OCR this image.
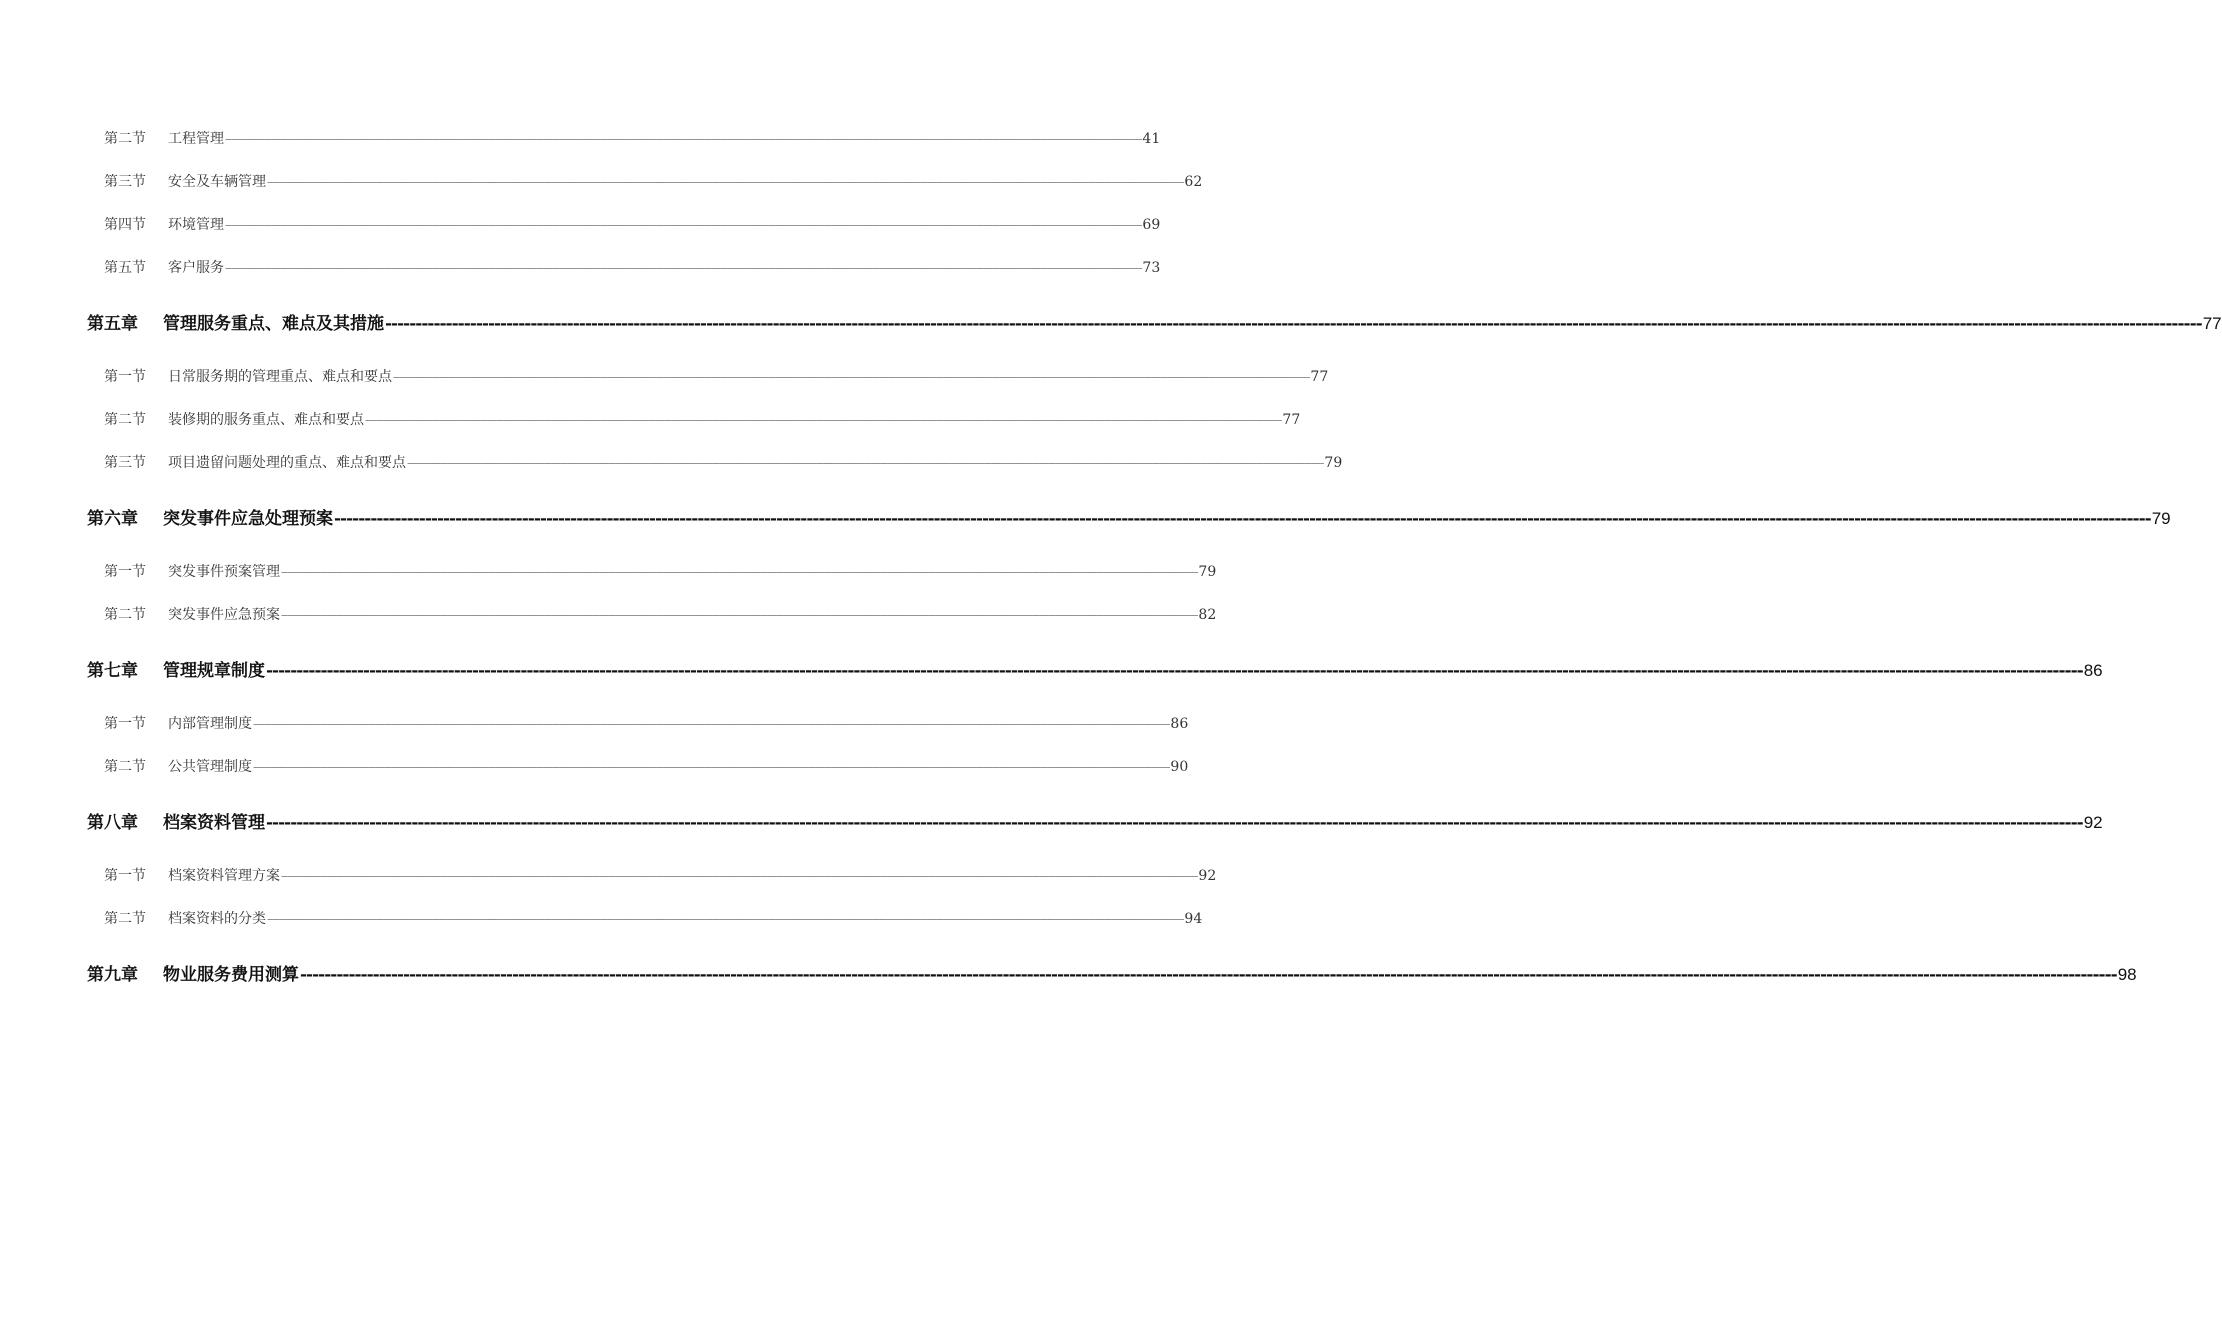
第二节	工程管理 ------------------------------------------------------------------------------------------------------------------------------------------------------------------------------------------------------------------------------------------------------------------------------------------------------------ 41
第三节	安全及车辆管理 ------------------------------------------------------------------------------------------------------------------------------------------------------------------------------------------------------------------------------------------------------------------------------------------------------------ 62
第四节	环境管理 ------------------------------------------------------------------------------------------------------------------------------------------------------------------------------------------------------------------------------------------------------------------------------------------------------------ 69
第五节	客户服务 ------------------------------------------------------------------------------------------------------------------------------------------------------------------------------------------------------------------------------------------------------------------------------------------------------------ 73
第五章	管理服务重点、难点及其措施 ------------------------------------------------------------------------------------------------------------------------------------------------------------------------------------------------------------------------------------------------------------------------------------------------------------ 77
第一节	日常服务期的管理重点、难点和要点 ------------------------------------------------------------------------------------------------------------------------------------------------------------------------------------------------------------------------------------------------------------------------------------------------------------ 77
第二节	装修期的服务重点、难点和要点 ------------------------------------------------------------------------------------------------------------------------------------------------------------------------------------------------------------------------------------------------------------------------------------------------------------ 77
第三节	项目遗留问题处理的重点、难点和要点 ------------------------------------------------------------------------------------------------------------------------------------------------------------------------------------------------------------------------------------------------------------------------------------------------------------ 79
第六章	突发事件应急处理预案 ------------------------------------------------------------------------------------------------------------------------------------------------------------------------------------------------------------------------------------------------------------------------------------------------------------ 79
第一节	突发事件预案管理 ------------------------------------------------------------------------------------------------------------------------------------------------------------------------------------------------------------------------------------------------------------------------------------------------------------ 79
第二节	突发事件应急预案 ------------------------------------------------------------------------------------------------------------------------------------------------------------------------------------------------------------------------------------------------------------------------------------------------------------ 82
第七章	管理规章制度 ------------------------------------------------------------------------------------------------------------------------------------------------------------------------------------------------------------------------------------------------------------------------------------------------------------ 86
第一节	内部管理制度 ------------------------------------------------------------------------------------------------------------------------------------------------------------------------------------------------------------------------------------------------------------------------------------------------------------ 86
第二节	公共管理制度 ------------------------------------------------------------------------------------------------------------------------------------------------------------------------------------------------------------------------------------------------------------------------------------------------------------ 90
第八章	档案资料管理 ------------------------------------------------------------------------------------------------------------------------------------------------------------------------------------------------------------------------------------------------------------------------------------------------------------ 92
第一节	档案资料管理方案 ------------------------------------------------------------------------------------------------------------------------------------------------------------------------------------------------------------------------------------------------------------------------------------------------------------ 92
第二节	档案资料的分类 ------------------------------------------------------------------------------------------------------------------------------------------------------------------------------------------------------------------------------------------------------------------------------------------------------------ 94
第九章	物业服务费用测算 ------------------------------------------------------------------------------------------------------------------------------------------------------------------------------------------------------------------------------------------------------------------------------------------------------------ 98
